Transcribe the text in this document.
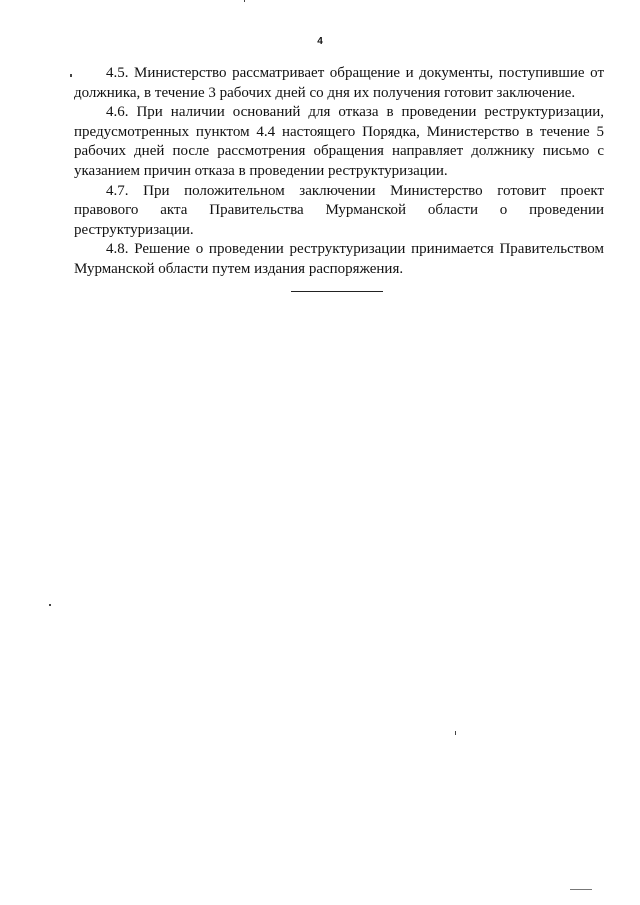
4

4.5. Министерство рассматривает обращение и документы, поступившие от должника, в течение 3 рабочих дней со дня их получения готовит заключение.

4.6. При наличии оснований для отказа в проведении реструктуризации, предусмотренных пунктом 4.4 настоящего Порядка, Министерство в течение 5 рабочих дней после рассмотрения обращения направляет должнику письмо с указанием причин отказа в проведении реструктуризации.

4.7. При положительном заключении Министерство готовит проект правового акта Правительства Мурманской области о проведении реструктуризации.

4.8. Решение о проведении реструктуризации принимается Правительством Мурманской области путем издания распоряжения.
